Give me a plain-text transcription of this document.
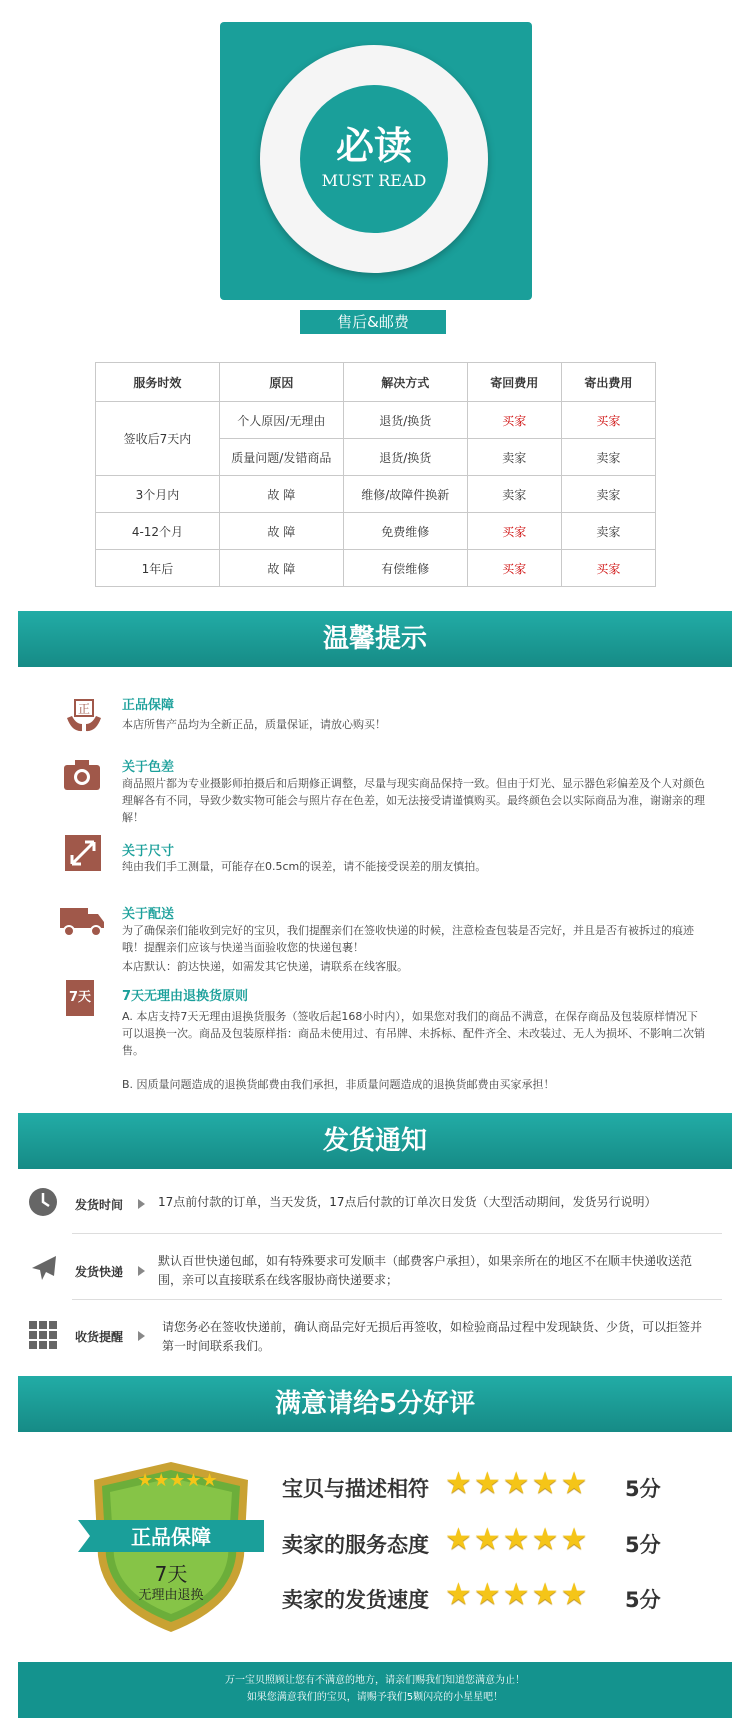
必读
MUST READ
售后&邮费
服务时效	原因	解决方式	寄回费用	寄出费用
签收后7天内	个人原因/无理由	退货/换货	买家	买家
	质量问题/发错商品	退货/换货	卖家	卖家
3个月内	故 障	维修/故障件换新	卖家	卖家
4-12个月	故 障	免费维修	买家	卖家
1年后	故 障	有偿维修	买家	买家
温馨提示
正 正品保障
本店所售产品均为全新正品，质量保证，请放心购买！
关于色差
商品照片都为专业摄影师拍摄后和后期修正调整，尽量与现实商品保持一致。但由于灯光、显示器色彩偏差及个人对颜色理解各有不同，导致少数实物可能会与照片存在色差，如无法接受请谨慎购买。最终颜色会以实际商品为准，谢谢亲的理解！
关于尺寸
纯由我们手工测量，可能存在0.5cm的误差，请不能接受误差的朋友慎拍。
关于配送
为了确保亲们能收到完好的宝贝，我们提醒亲们在签收快递的时候，注意检查包装是否完好，并且是否有被拆过的痕迹哦！提醒亲们应该与快递当面验收您的快递包裹！
本店默认：韵达快递，如需发其它快递，请联系在线客服。
7天 7天无理由退换货原则
A. 本店支持7天无理由退换货服务（签收后起168小时内），如果您对我们的商品不满意，在保存商品及包装原样情况下可以退换一次。商品及包装原样指：商品未使用过、有吊牌、未拆标、配件齐全、未改装过、无人为损坏、不影响二次销售。
B. 因质量问题造成的退换货邮费由我们承担，非质量问题造成的退换货邮费由买家承担！
发货通知
发货时间	17点前付款的订单，当天发货，17点后付款的订单次日发货（大型活动期间，发货另行说明）
发货快递
默认百世快递包邮，如有特殊要求可发顺丰（邮费客户承担），如果亲所在的地区不在顺丰快递收送范围，亲可以直接联系在线客服协商快递要求；
收货提醒
请您务必在签收快递前，确认商品完好无损后再签收，如检验商品过程中发现缺货、少货，可以拒签并第一时间联系我们。
满意请给5分好评
★★★★★
正品保障
7天
无理由退换
宝贝与描述相符 ★★★★★ 5分
卖家的服务态度 ★★★★★ 5分
卖家的发货速度 ★★★★★ 5分
万一宝贝照顾让您有不满意的地方，请亲们赐我们知道您满意为止！
如果您满意我们的宝贝，请赐予我们5颗闪亮的小星星吧！
